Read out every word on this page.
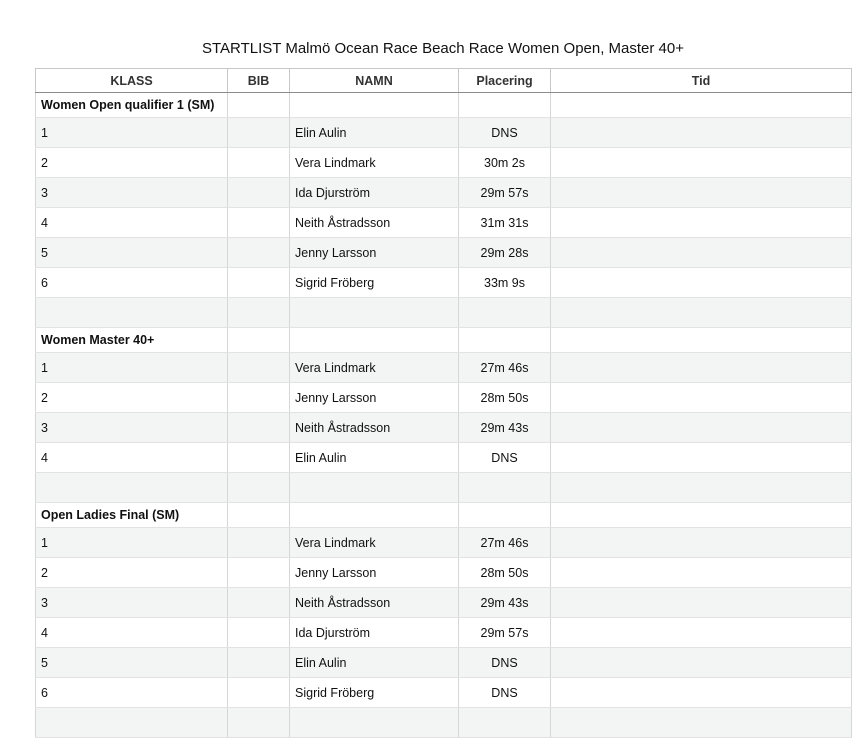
STARTLIST Malmö Ocean Race Beach Race Women Open, Master 40+
KLASS	BIB	NAMN	Placering	Tid
Women Open qualifier 1 (SM)				
1		Elin Aulin	DNS	
2		Vera Lindmark	30m 2s	
3		Ida Djurström	29m 57s	
4		Neith Åstradsson	31m 31s	
5		Jenny Larsson	29m 28s	
6		Sigrid Fröberg	33m 9s	

Women Master 40+				
1		Vera Lindmark	27m 46s	
2		Jenny Larsson	28m 50s	
3		Neith Åstradsson	29m 43s	
4		Elin Aulin	DNS	

Open Ladies Final (SM)				
1		Vera Lindmark	27m 46s	
2		Jenny Larsson	28m 50s	
3		Neith Åstradsson	29m 43s	
4		Ida Djurström	29m 57s	
5		Elin Aulin	DNS	
6		Sigrid Fröberg	DNS	
